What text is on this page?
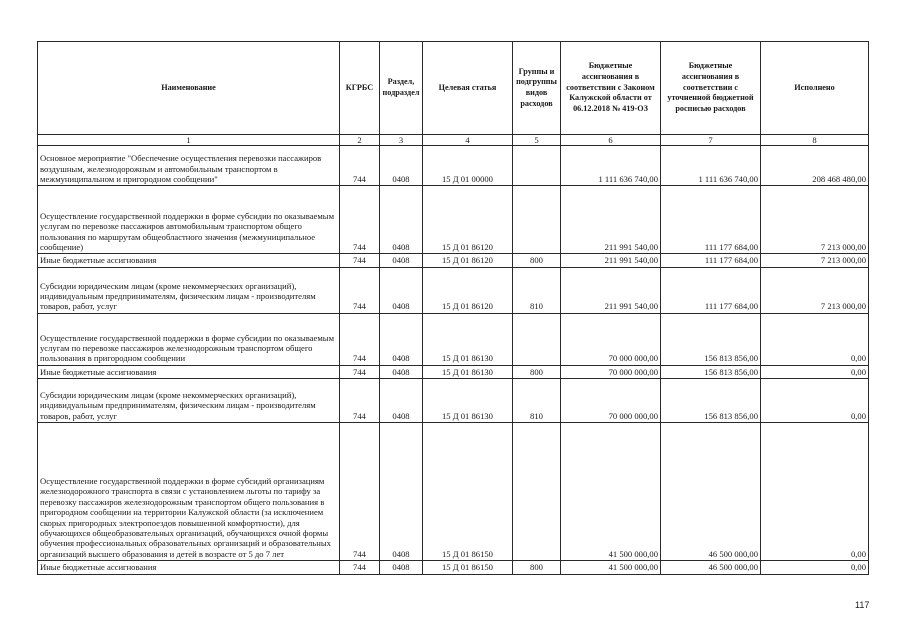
Наименование	КГРБС	Раздел, подраздел	Целевая статья	Группы и подгруппы видов расходов	Бюджетные ассигнования в соответствии с Законом Калужской области от 06.12.2018 № 419-ОЗ	Бюджетные ассигнования в соответствии с уточненной бюджетной росписью расходов	Исполнено
1	2	3	4	5	6	7	8
Основное мероприятие "Обеспечение осуществления перевозки пассажиров воздушным, железнодорожным и автомобильным транспортом в межмуниципальном и пригородном сообщении"	744	0408	15 Д 01 00000		1 111 636 740,00	1 111 636 740,00	208 468 480,00
Осуществление государственной поддержки в форме субсидии по оказываемым услугам по перевозке пассажиров автомобильным транспортом общего пользования по маршрутам общеобластного значения (межмуниципальное сообщение)	744	0408	15 Д 01 86120		211 991 540,00	111 177 684,00	7 213 000,00
Иные бюджетные ассигнования	744	0408	15 Д 01 86120	800	211 991 540,00	111 177 684,00	7 213 000,00
Субсидии юридическим лицам (кроме некоммерческих организаций), индивидуальным предпринимателям, физическим лицам - производителям товаров, работ, услуг	744	0408	15 Д 01 86120	810	211 991 540,00	111 177 684,00	7 213 000,00
Осуществление государственной поддержки в форме субсидии по оказываемым услугам по перевозке пассажиров железнодорожным транспортом общего пользования в пригородном сообщении	744	0408	15 Д 01 86130		70 000 000,00	156 813 856,00	0,00
Иные бюджетные ассигнования	744	0408	15 Д 01 86130	800	70 000 000,00	156 813 856,00	0,00
Субсидии юридическим лицам (кроме некоммерческих организаций), индивидуальным предпринимателям, физическим лицам - производителям товаров, работ, услуг	744	0408	15 Д 01 86130	810	70 000 000,00	156 813 856,00	0,00
Осуществление государственной поддержки в форме субсидий организациям железнодорожного транспорта в связи с установлением льготы по тарифу за перевозку пассажиров железнодорожным транспортом общего пользования в пригородном сообщении на территории Калужской области (за исключением скорых пригородных электропоездов повышенной комфортности), для обучающихся общеобразовательных организаций, обучающихся очной формы обучения профессиональных образовательных организаций и образовательных организаций высшего образования и детей в возрасте от 5 до 7 лет	744	0408	15 Д 01 86150		41 500 000,00	46 500 000,00	0,00
Иные бюджетные ассигнования	744	0408	15 Д 01 86150	800	41 500 000,00	46 500 000,00	0,00
117
